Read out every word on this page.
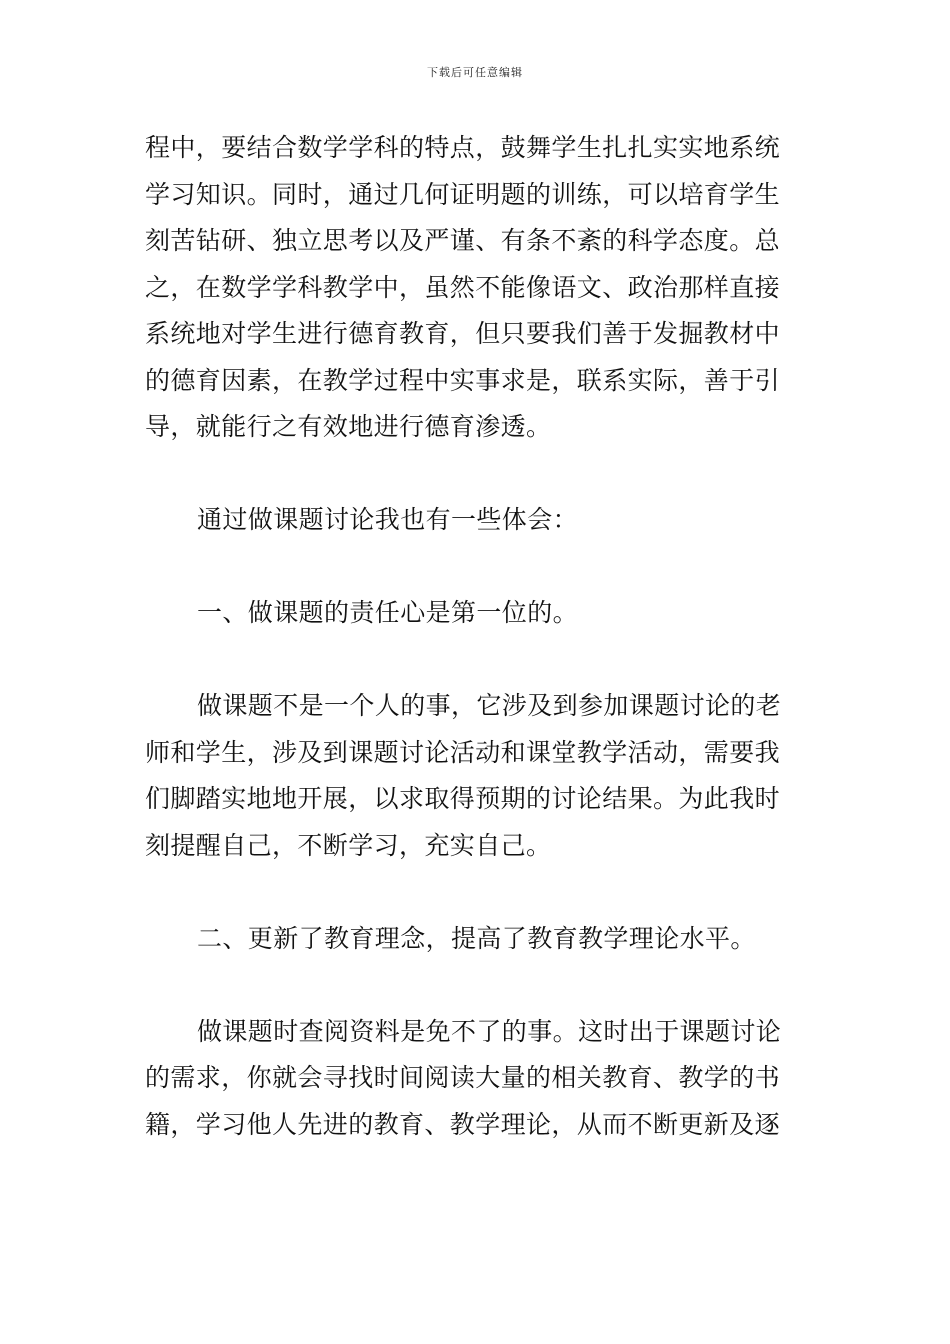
下载后可任意编辑

程中，要结合数学学科的特点，鼓舞学生扎扎实实地系统
学习知识。同时，通过几何证明题的训练，可以培育学生
刻苦钻研、独立思考以及严谨、有条不紊的科学态度。总
之，在数学学科教学中，虽然不能像语文、政治那样直接
系统地对学生进行德育教育，但只要我们善于发掘教材中
的德育因素，在教学过程中实事求是，联系实际，善于引
导，就能行之有效地进行德育渗透。

通过做课题讨论我也有一些体会：

一、做课题的责任心是第一位的。

做课题不是一个人的事，它涉及到参加课题讨论的老
师和学生，涉及到课题讨论活动和课堂教学活动，需要我
们脚踏实地地开展，以求取得预期的讨论结果。为此我时
刻提醒自己，不断学习，充实自己。

二、更新了教育理念，提高了教育教学理论水平。

做课题时查阅资料是免不了的事。这时出于课题讨论
的需求，你就会寻找时间阅读大量的相关教育、教学的书
籍，学习他人先进的教育、教学理论，从而不断更新及逐
